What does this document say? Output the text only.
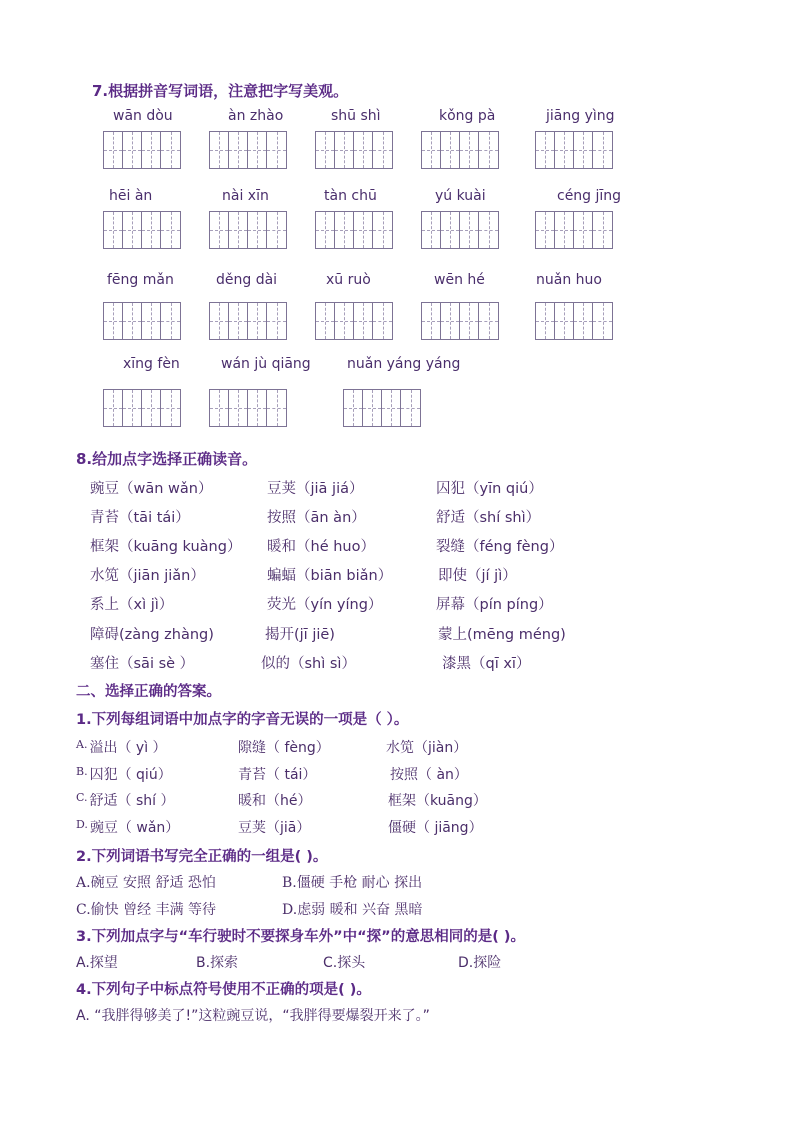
7.根据拼音写词语，注意把字写美观。
wān dòu	àn zhào	shū shì	kǒng pà	jiāng yìng
hēi àn	nài xīn	tàn chū	yú kuài	céng jīng
fēng mǎn	děng dài	xū ruò	wēn hé	nuǎn huo
xīng fèn	wán jù qiāng	nuǎn yáng yáng
8.给加点字选择正确读音。
豌豆（wān wǎn）	豆荚（jiā jiá）	囚犯（yīn qiú）
青苔（tāi tái）	按照（ān àn）	舒适（shí shì）
框架（kuāng kuàng） 暖和（hé huo）	裂缝（féng fèng）
水笕（jiān jiǎn）	蝙蝠（biān biǎn）	即使（jí jì）
系上（xì jì）	荧光（yín yíng）	屏幕（pín píng）
障碍(zàng zhàng)	揭开(jī jiē)	蒙上(mēng méng)
塞住（sāi sè ）	似的（shì sì）	漆黑（qī xī）
二、选择正确的答案。
1.下列每组词语中加点字的字音无误的一项是（ ）。
$^{A.}$ 溢出（ yì ）	隙缝（ fèng）	水笕（jiàn）
$^{B.}$ 囚犯（ qiú）	青苔（ tái）	按照（ àn）
$^{C.}$ 舒适（ shí ）	暖和（hé）	框架（kuāng）
$^{D.}$ 豌豆（ wǎn）	豆荚（jiā）	僵硬（ jiāng）
2.下列词语书写完全正确的一组是( )。
A.碗豆 安照 舒适 恐怕	B.僵硬 手枪 耐心 探出
C.偷快 曾经 丰满 等待	D.虑弱 暖和 兴奋 黑暗
3.下列加点字与“车行驶时不要探身车外”中“探”的意思相同的是( )。
A.探望	B.探索	C.探头	D.探险
4.下列句子中标点符号使用不正确的项是( )。
A. “我胖得够美了!”这粒豌豆说，“我胖得要爆裂开来了。”
